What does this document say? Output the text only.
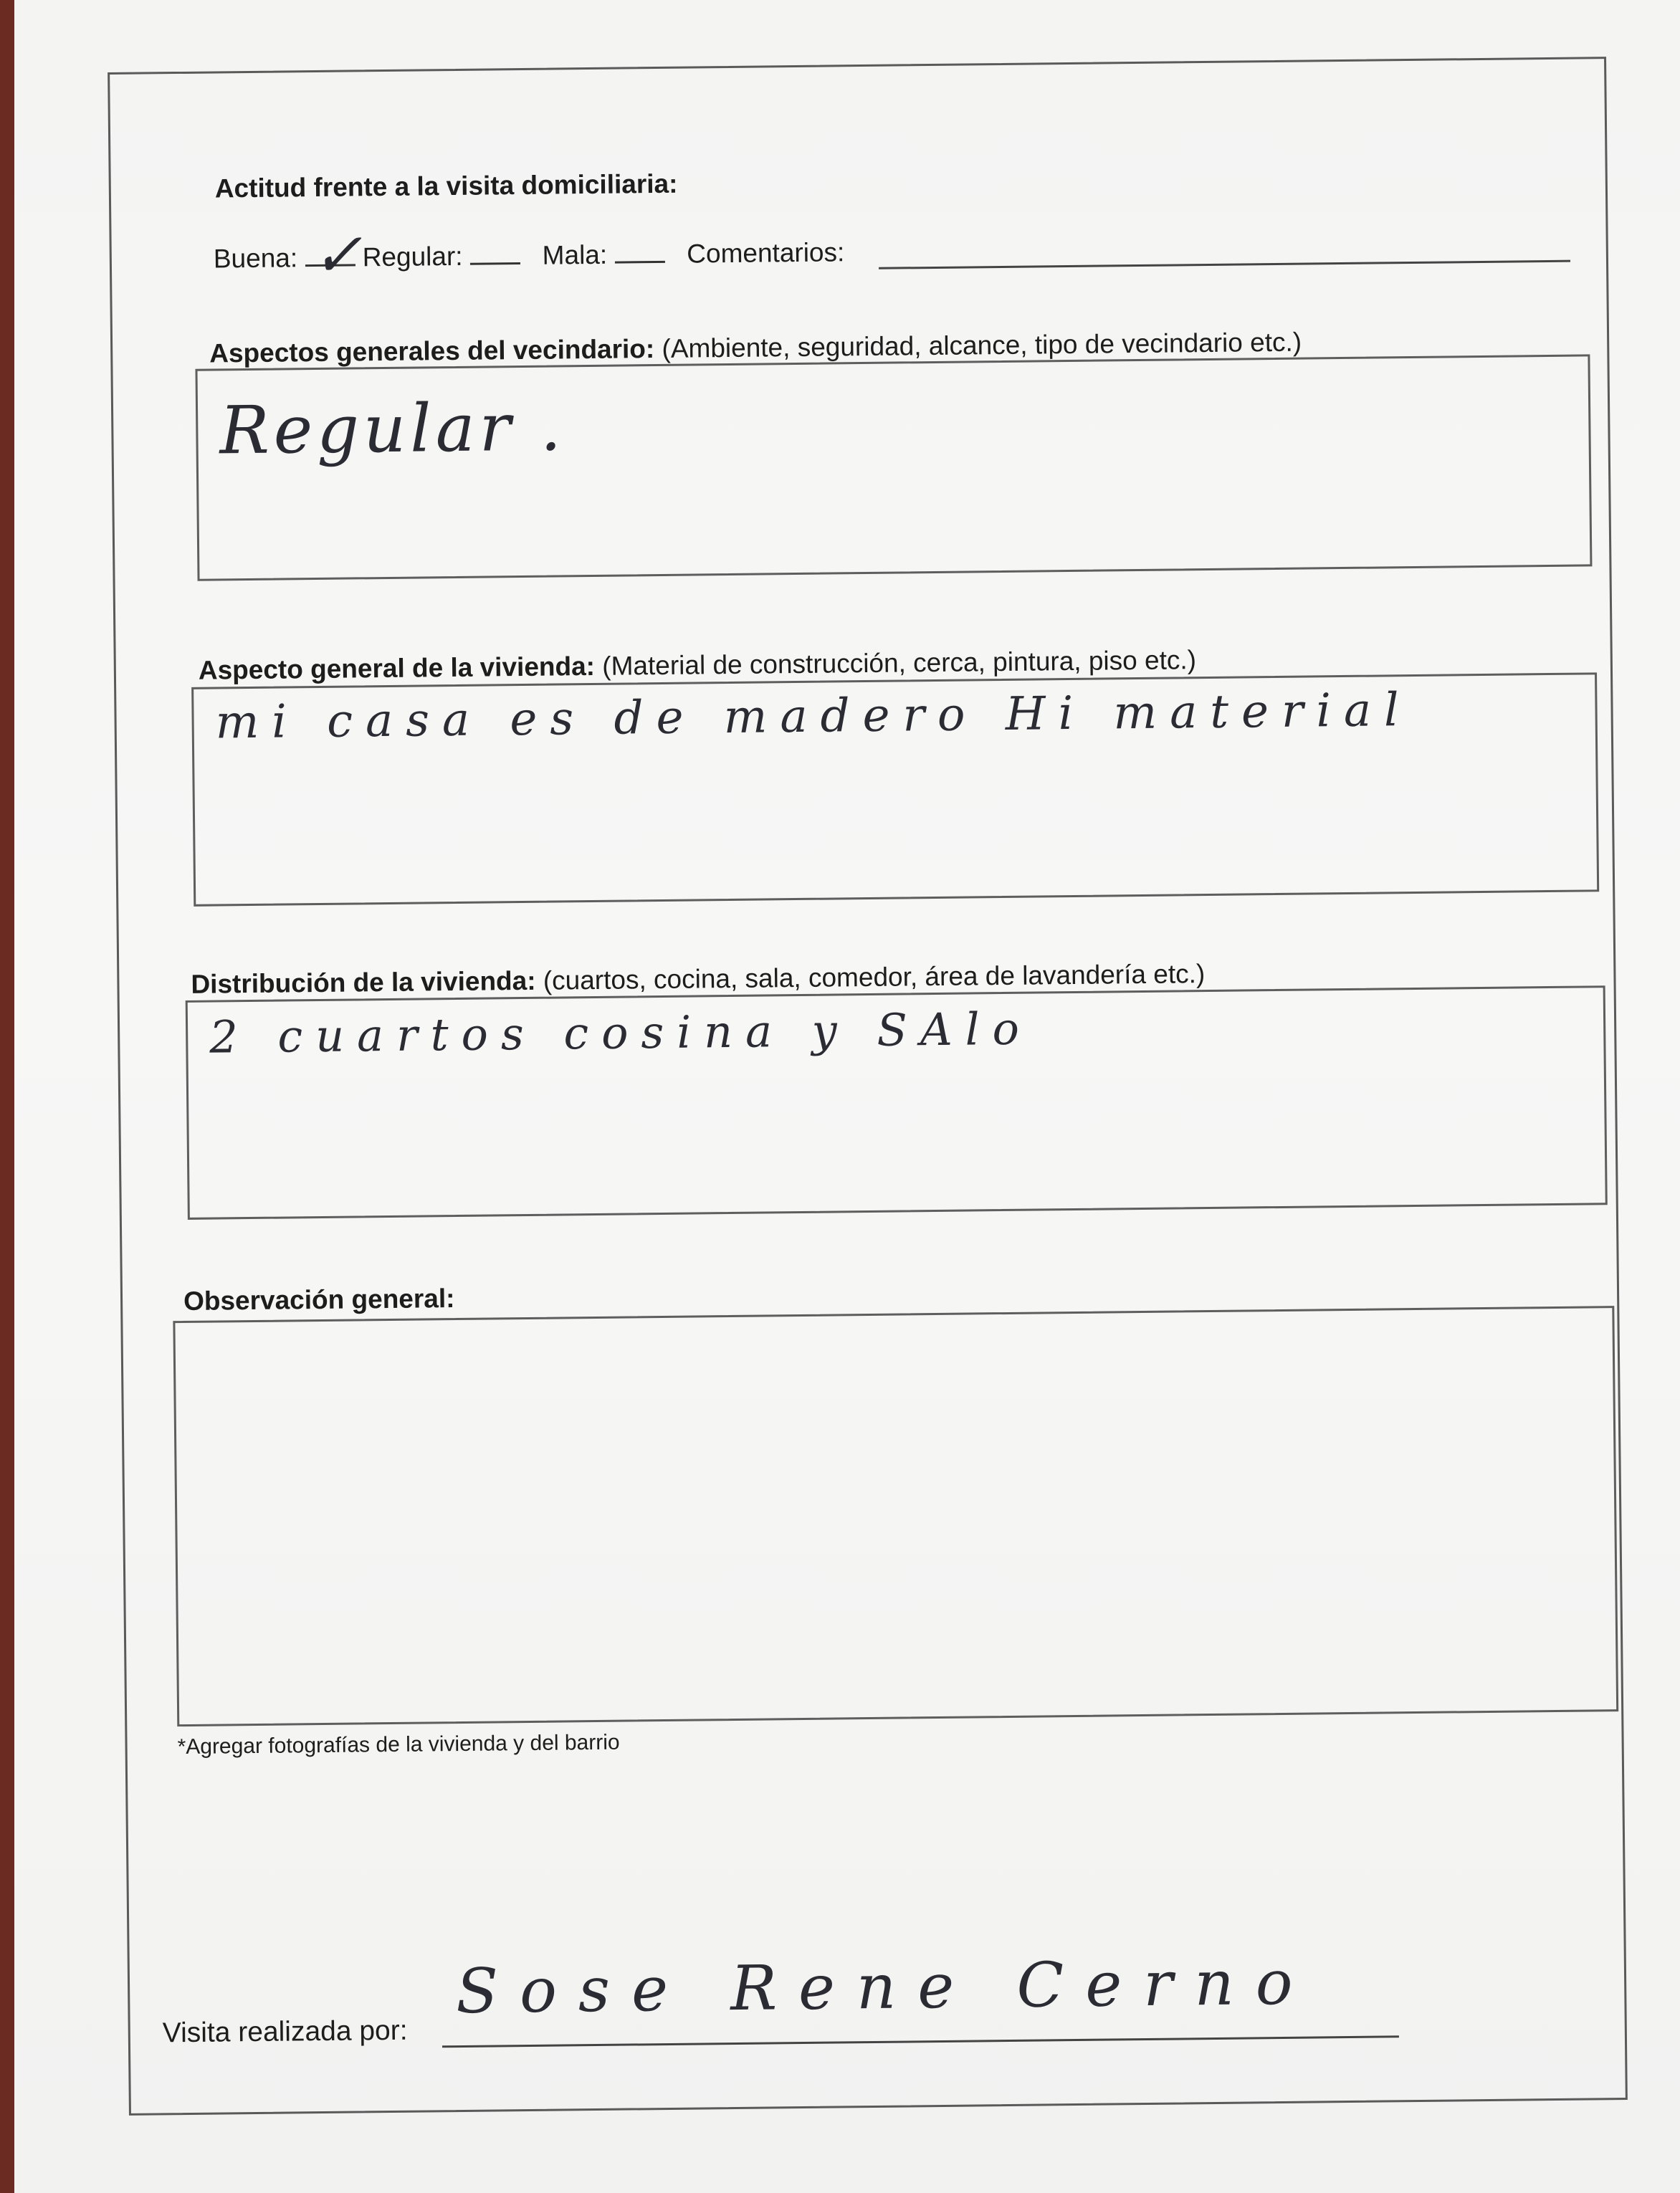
Actitud frente a la visita domiciliaria:
Buena: ✓ Regular:	Mala:	Comentarios:
Aspectos generales del vecindario: (Ambiente, seguridad, alcance, tipo de vecindario etc.)
Regular .
Aspecto general de la vivienda: (Material de construcción, cerca, pintura, piso etc.)
mi casa es de madero Hi material
Distribución de la vivienda: (cuartos, cocina, sala, comedor, área de lavandería etc.)
2 cuartos cosina y SAlo
Observación general:
*Agregar fotografías de la vivienda y del barrio
Visita realizada por:
Sose Rene Cerno
